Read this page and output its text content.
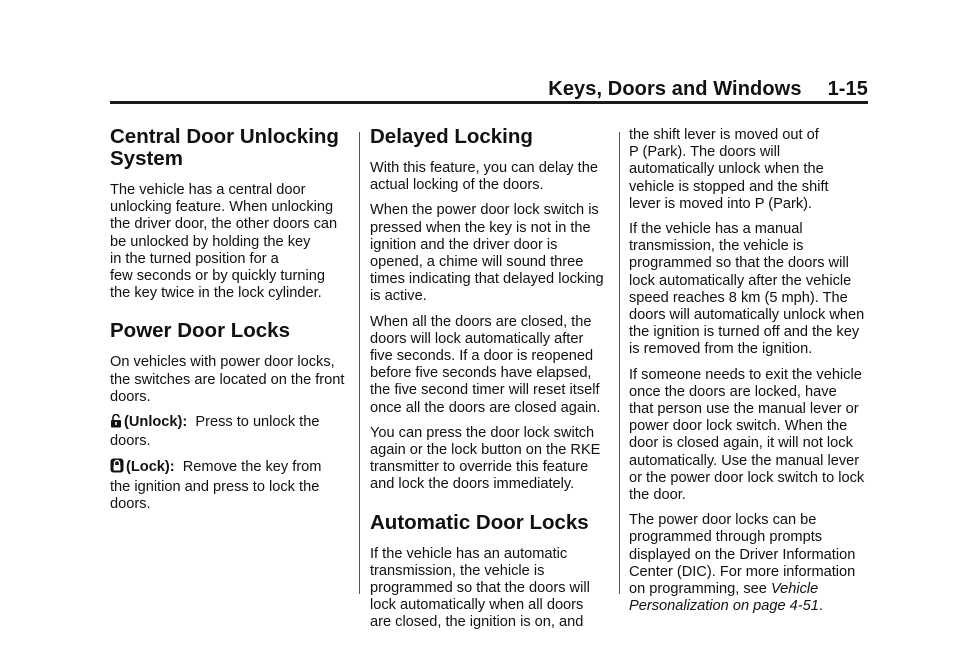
Keys, Doors and Windows 1-15
Central Door Unlocking System

The vehicle has a central door
unlocking feature. When unlocking
the driver door, the other doors can
be unlocked by holding the key
in the turned position for a
few seconds or by quickly turning
the key twice in the lock cylinder.

Power Door Locks

On vehicles with power door locks,
the switches are located on the front
doors.

(Unlock): Press to unlock the
doors.

(Lock): Remove the key from
the ignition and press to lock the
doors.

Delayed Locking

With this feature, you can delay the
actual locking of the doors.

When the power door lock switch is
pressed when the key is not in the
ignition and the driver door is
opened, a chime will sound three
times indicating that delayed locking
is active.

When all the doors are closed, the
doors will lock automatically after
five seconds. If a door is reopened
before five seconds have elapsed,
the five second timer will reset itself
once all the doors are closed again.

You can press the door lock switch
again or the lock button on the RKE
transmitter to override this feature
and lock the doors immediately.

Automatic Door Locks

If the vehicle has an automatic
transmission, the vehicle is
programmed so that the doors will
lock automatically when all doors
are closed, the ignition is on, and

the shift lever is moved out of
P (Park). The doors will
automatically unlock when the
vehicle is stopped and the shift
lever is moved into P (Park).

If the vehicle has a manual
transmission, the vehicle is
programmed so that the doors will
lock automatically after the vehicle
speed reaches 8 km (5 mph). The
doors will automatically unlock when
the ignition is turned off and the key
is removed from the ignition.

If someone needs to exit the vehicle
once the doors are locked, have
that person use the manual lever or
power door lock switch. When the
door is closed again, it will not lock
automatically. Use the manual lever
or the power door lock switch to lock
the door.

The power door locks can be
programmed through prompts
displayed on the Driver Information
Center (DIC). For more information
on programming, see Vehicle
Personalization on page 4-51.
